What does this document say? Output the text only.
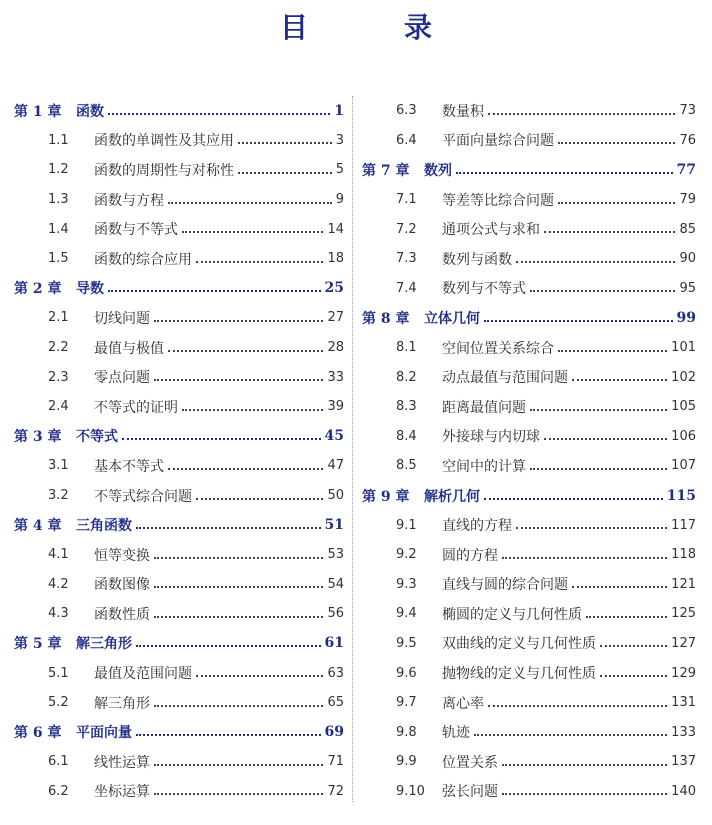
目　录
第 1 章	函数	1
1.1	函数的单调性及其应用	3
1.2	函数的周期性与对称性	5
1.3	函数与方程	9
1.4	函数与不等式	14
1.5	函数的综合应用	18
第 2 章	导数	25
2.1	切线问题	27
2.2	最值与极值	28
2.3	零点问题	33
2.4	不等式的证明	39
第 3 章	不等式	45
3.1	基本不等式	47
3.2	不等式综合问题	50
第 4 章	三角函数	51
4.1	恒等变换	53
4.2	函数图像	54
4.3	函数性质	56
第 5 章	解三角形	61
5.1	最值及范围问题	63
5.2	解三角形	65
第 6 章	平面向量	69
6.1	线性运算	71
6.2	坐标运算	72
6.3	数量积	73
6.4	平面向量综合问题	76
第 7 章	数列	77
7.1	等差等比综合问题	79
7.2	通项公式与求和	85
7.3	数列与函数	90
7.4	数列与不等式	95
第 8 章	立体几何	99
8.1	空间位置关系综合	101
8.2	动点最值与范围问题	102
8.3	距离最值问题	105
8.4	外接球与内切球	106
8.5	空间中的计算	107
第 9 章	解析几何	115
9.1	直线的方程	117
9.2	圆的方程	118
9.3	直线与圆的综合问题	121
9.4	椭圆的定义与几何性质	125
9.5	双曲线的定义与几何性质	127
9.6	抛物线的定义与几何性质	129
9.7	离心率	131
9.8	轨迹	133
9.9	位置关系	137
9.10	弦长问题	140
